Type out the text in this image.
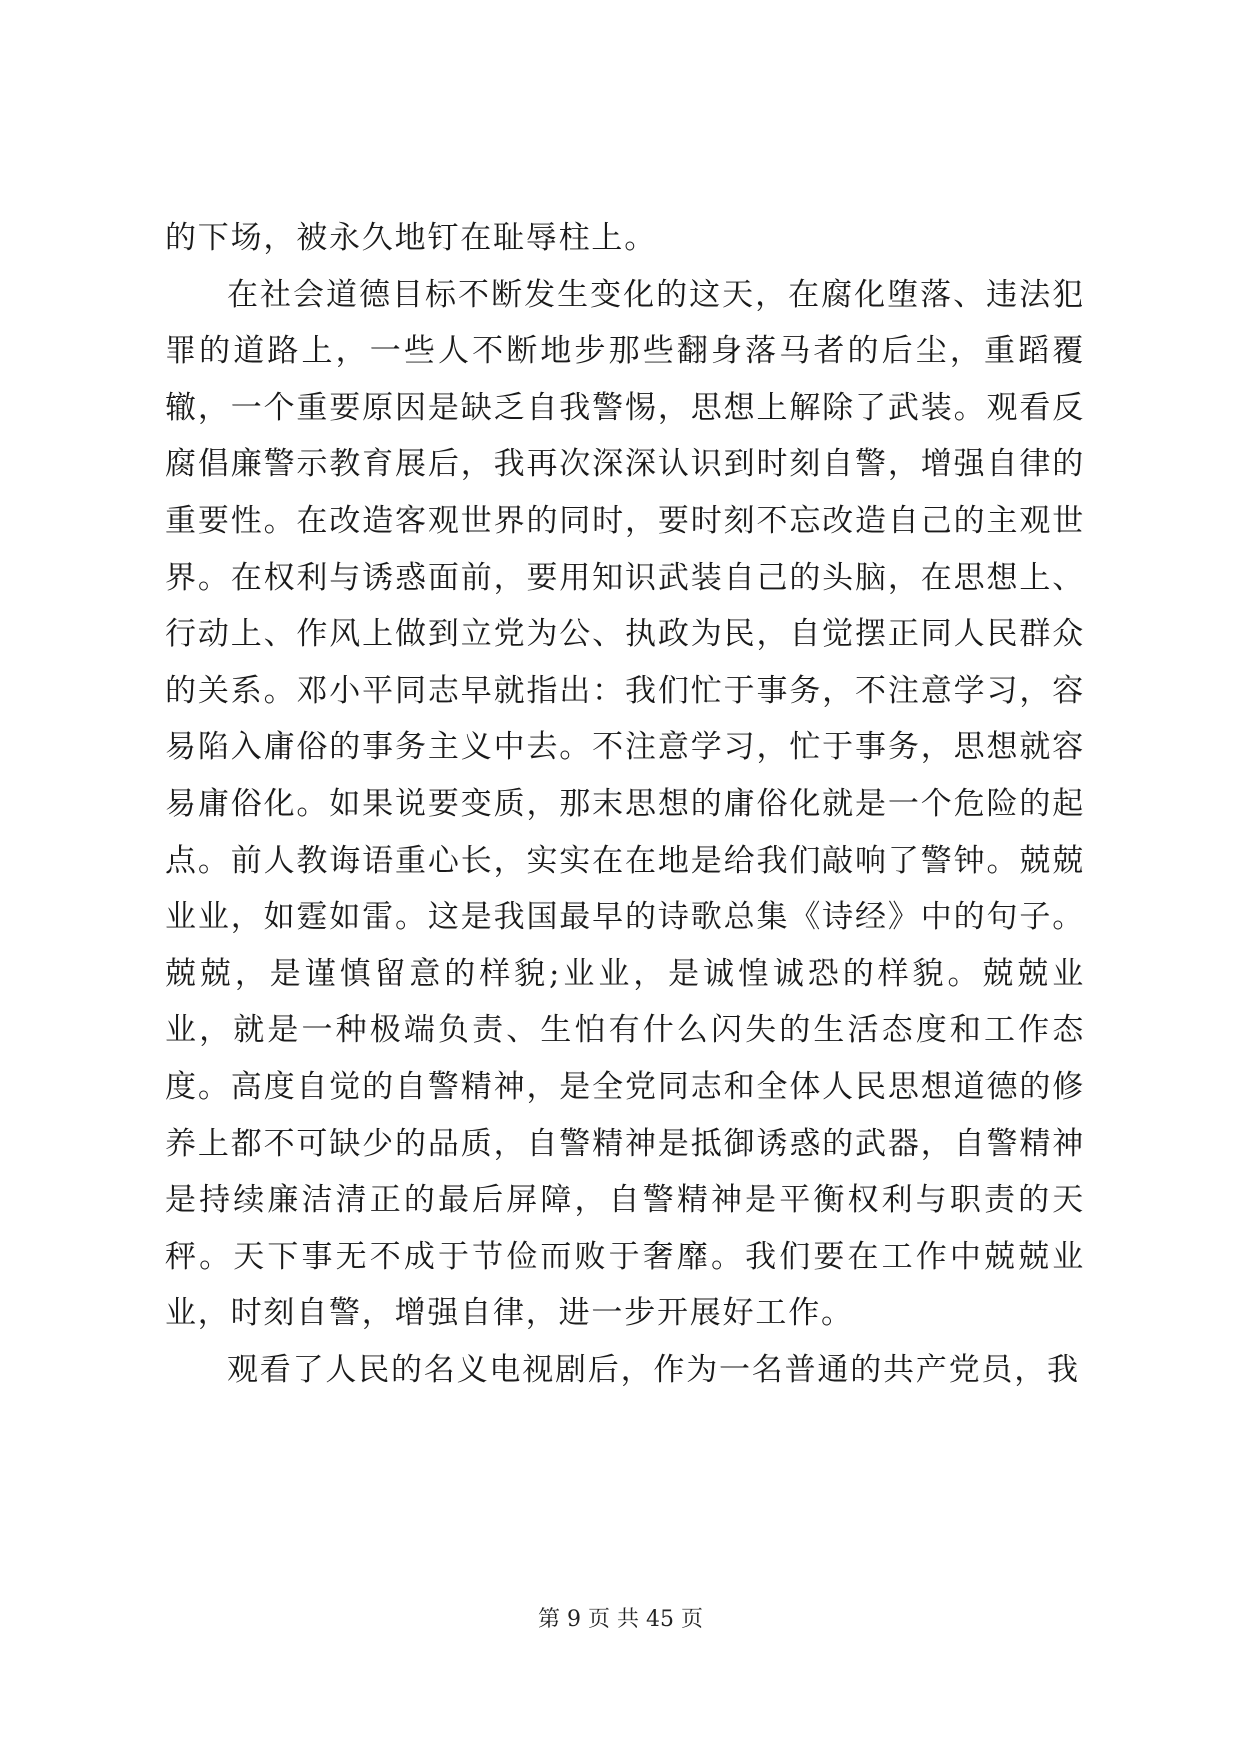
的下场，被永久地钉在耻辱柱上。

在社会道德目标不断发生变化的这天，在腐化堕落、违法犯罪的道路上，一些人不断地步那些翻身落马者的后尘，重蹈覆辙，一个重要原因是缺乏自我警惕，思想上解除了武装。观看反腐倡廉警示教育展后，我再次深深认识到时刻自警，增强自律的重要性。在改造客观世界的同时，要时刻不忘改造自己的主观世界。在权利与诱惑面前，要用知识武装自己的头脑，在思想上、行动上、作风上做到立党为公、执政为民，自觉摆正同人民群众的关系。邓小平同志早就指出：我们忙于事务，不注意学习，容易陷入庸俗的事务主义中去。不注意学习，忙于事务，思想就容易庸俗化。如果说要变质，那末思想的庸俗化就是一个危险的起点。前人教诲语重心长，实实在在地是给我们敲响了警钟。兢兢业业，如霆如雷。这是我国最早的诗歌总集《诗经》中的句子。兢兢，是谨慎留意的样貌;业业，是诚惶诚恐的样貌。兢兢业业，就是一种极端负责、生怕有什么闪失的生活态度和工作态度。高度自觉的自警精神，是全党同志和全体人民思想道德的修养上都不可缺少的品质，自警精神是抵御诱惑的武器，自警精神是持续廉洁清正的最后屏障，自警精神是平衡权利与职责的天秤。天下事无不成于节俭而败于奢靡。我们要在工作中兢兢业业，时刻自警，增强自律，进一步开展好工作。

观看了人民的名义电视剧后，作为一名普通的共产党员，我

第 9 页 共 45 页
